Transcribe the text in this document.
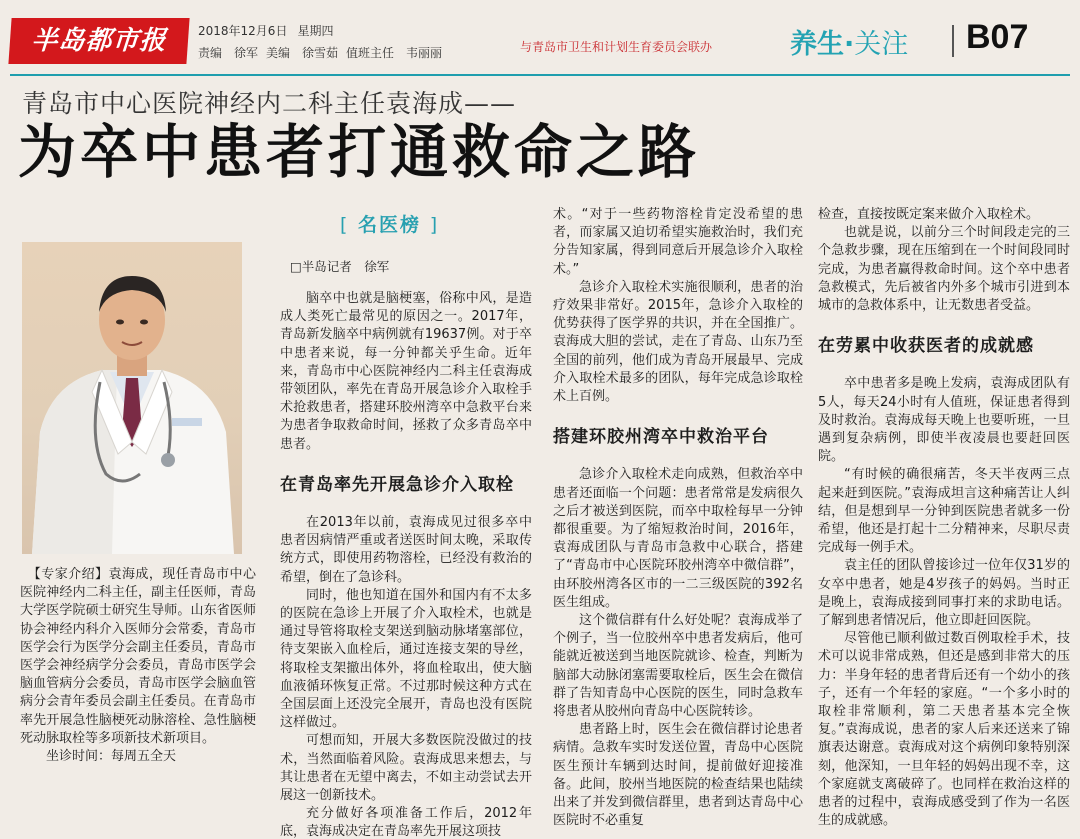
半岛都市报	2018年12月6日 星期四
责编　徐军 美编　徐雪茹 值班主任　韦丽丽	与青岛市卫生和计划生育委员会联办	养生·关注 B07
青岛市中心医院神经内二科主任袁海成——
为卒中患者打通救命之路
[ 名医榜 ]
□半岛记者　徐军

【专家介绍】袁海成，现任青岛市中心医院神经内二科主任，副主任医师，青岛大学医学院硕士研究生导师。山东省医师协会神经内科介入医师分会常委，青岛市医学会行为医学分会副主任委员，青岛市医学会神经病学分会委员，青岛市医学会脑血管病分会委员，青岛市医学会脑血管病分会青年委员会副主任委员。在青岛市率先开展急性脑梗死动脉溶栓、急性脑梗死动脉取栓等多项新技术新项目。

坐诊时间：每周五全天

脑卒中也就是脑梗塞，俗称中风，是造成人类死亡最常见的原因之一。2017年，青岛新发脑卒中病例就有19637例。对于卒中患者来说，每一分钟都关乎生命。近年来，青岛市中心医院神经内二科主任袁海成带领团队，率先在青岛开展急诊介入取栓手术抢救患者，搭建环胶州湾卒中急救平台来为患者争取救命时间，拯救了众多青岛卒中患者。

在青岛率先开展急诊介入取栓

在2013年以前，袁海成见过很多卒中患者因病情严重或者送医时间太晚，采取传统方式，即使用药物溶栓，已经没有救治的希望，倒在了急诊科。

同时，他也知道在国外和国内有不太多的医院在急诊上开展了介入取栓术，也就是通过导管将取栓支架送到脑动脉堵塞部位，待支架嵌入血栓后，通过连接支架的导丝，将取栓支架撤出体外，将血栓取出，使大脑血液循环恢复正常。不过那时候这种方式在全国层面上还没完全展开，青岛也没有医院这样做过。

可想而知，开展大多数医院没做过的技术，当然面临着风险。袁海成思来想去，与其让患者在无望中离去，不如主动尝试去开展这一创新技术。

充分做好各项准备工作后，2012年底，袁海成决定在青岛率先开展这项技

术。“对于一些药物溶栓肯定没希望的患者，而家属又迫切希望实施救治时，我们充分告知家属，得到同意后开展急诊介入取栓术。”

急诊介入取栓术实施很顺利，患者的治疗效果非常好。2015年，急诊介入取栓的优势获得了医学界的共识，并在全国推广。袁海成大胆的尝试，走在了青岛、山东乃至全国的前列，他们成为青岛开展最早、完成介入取栓术最多的团队，每年完成急诊取栓术上百例。

搭建环胶州湾卒中救治平台

急诊介入取栓术走向成熟，但救治卒中患者还面临一个问题：患者常常是发病很久之后才被送到医院，而卒中取栓每早一分钟都很重要。为了缩短救治时间，2016年，袁海成团队与青岛市急救中心联合，搭建了“青岛市中心医院环胶州湾卒中微信群”，由环胶州湾各区市的一二三级医院的392名医生组成。

这个微信群有什么好处呢？袁海成举了个例子，当一位胶州卒中患者发病后，他可能就近被送到当地医院就诊、检查，判断为脑部大动脉闭塞需要取栓后，医生会在微信群了告知青岛中心医院的医生，同时急救车将患者从胶州向青岛中心医院转诊。

患者路上时，医生会在微信群讨论患者病情。急救车实时发送位置，青岛中心医院医生预计车辆到达时间，提前做好迎接准备。此间，胶州当地医院的检查结果也陆续出来了并发到微信群里，患者到达青岛中心医院时不必重复

检查，直接按既定案来做介入取栓术。

也就是说，以前分三个时间段走完的三个急救步骤，现在压缩到在一个时间段同时完成，为患者赢得救命时间。这个卒中患者急救模式，先后被省内外多个城市引进到本城市的急救体系中，让无数患者受益。

在劳累中收获医者的成就感

卒中患者多是晚上发病，袁海成团队有5人，每天24小时有人值班，保证患者得到及时救治。袁海成每天晚上也要听班，一旦遇到复杂病例，即使半夜凌晨也要赶回医院。

“有时候的确很痛苦，冬天半夜两三点起来赶到医院。”袁海成坦言这种痛苦让人纠结，但是想到早一分钟到医院患者就多一份希望，他还是打起十二分精神来，尽职尽责完成每一例手术。

袁主任的团队曾接诊过一位年仅31岁的女卒中患者，她是4岁孩子的妈妈。当时正是晚上，袁海成接到同事打来的求助电话。了解到患者情况后，他立即赶回医院。

尽管他已顺利做过数百例取栓手术，技术可以说非常成熟，但还是感到非常大的压力：半身年轻的患者背后还有一个幼小的孩子，还有一个年轻的家庭。“一个多小时的取栓非常顺利，第二天患者基本完全恢复。”袁海成说，患者的家人后来还送来了锦旗表达谢意。袁海成对这个病例印象特别深刻，他深知，一旦年轻的妈妈出现不幸，这个家庭就支离破碎了。也同样在救治这样的患者的过程中，袁海成感受到了作为一名医生的成就感。
